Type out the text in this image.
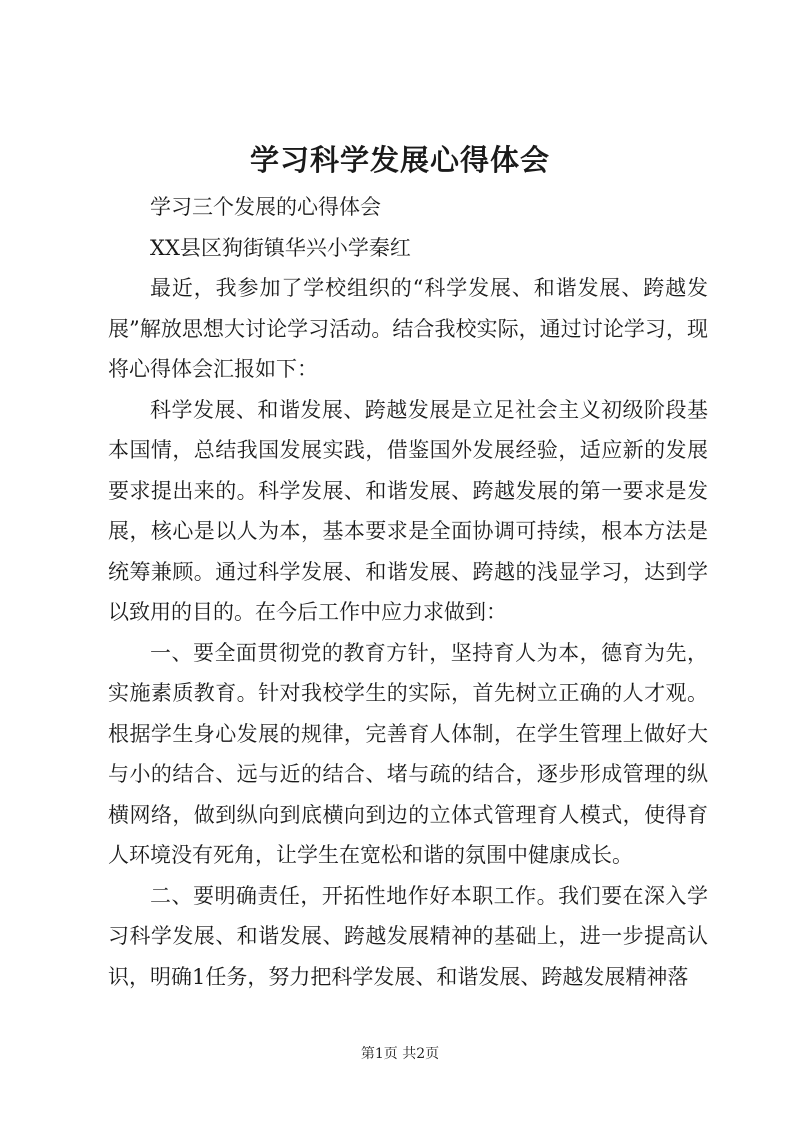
学习科学发展心得体会

学习三个发展的心得体会

XX县区狗街镇华兴小学秦红

最近，我参加了学校组织的“科学发展、和谐发展、跨越发展”解放思想大讨论学习活动。结合我校实际，通过讨论学习，现将心得体会汇报如下：

科学发展、和谐发展、跨越发展是立足社会主义初级阶段基本国情，总结我国发展实践，借鉴国外发展经验，适应新的发展要求提出来的。科学发展、和谐发展、跨越发展的第一要求是发展，核心是以人为本，基本要求是全面协调可持续，根本方法是统筹兼顾。通过科学发展、和谐发展、跨越的浅显学习，达到学以致用的目的。在今后工作中应力求做到：

一、要全面贯彻党的教育方针，坚持育人为本，德育为先，实施素质教育。针对我校学生的实际，首先树立正确的人才观。根据学生身心发展的规律，完善育人体制，在学生管理上做好大与小的结合、远与近的结合、堵与疏的结合，逐步形成管理的纵横网络，做到纵向到底横向到边的立体式管理育人模式，使得育人环境没有死角，让学生在宽松和谐的氛围中健康成长。

二、要明确责任，开拓性地作好本职工作。我们要在深入学习科学发展、和谐发展、跨越发展精神的基础上，进一步提高认识，明确1任务，努力把科学发展、和谐发展、跨越发展精神落

第1页 共2页
